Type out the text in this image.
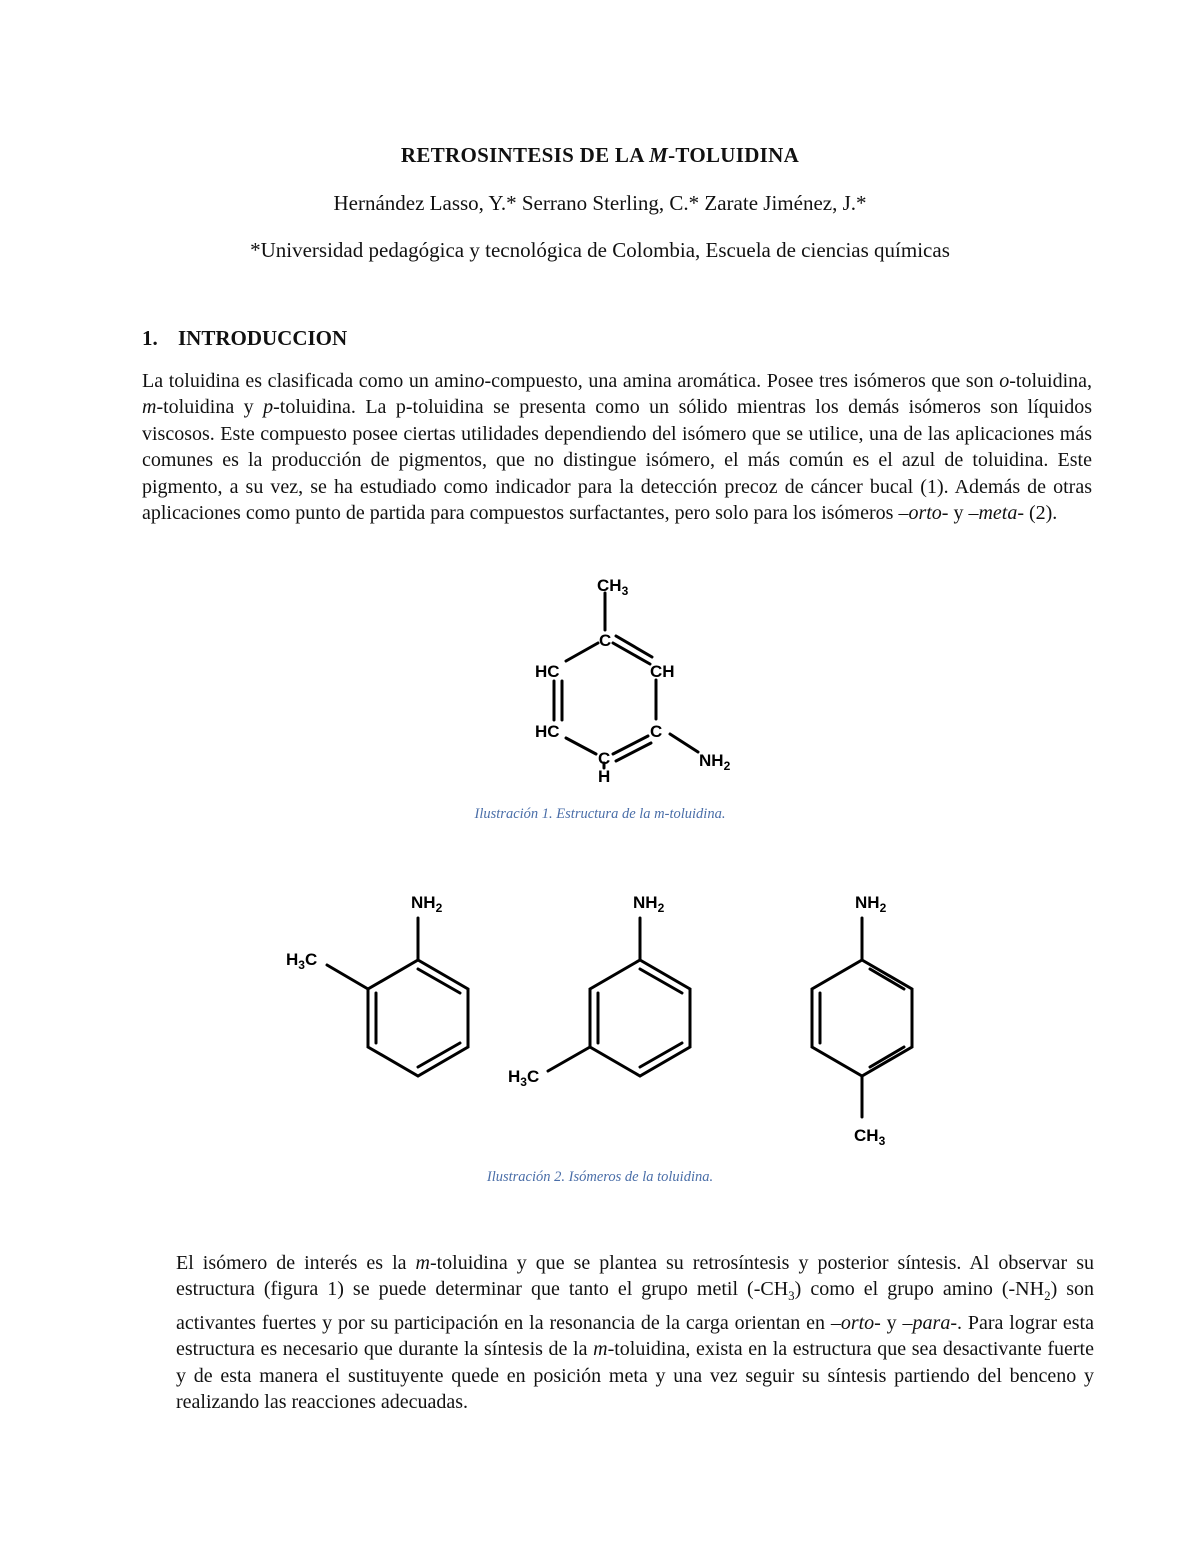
RETROSINTESIS DE LA M-TOLUIDINA
Hernández Lasso, Y.* Serrano Sterling, C.* Zarate Jiménez, J.*
*Universidad pedagógica y tecnológica de Colombia, Escuela de ciencias químicas
1. INTRODUCCION

La toluidina es clasificada como un amino-compuesto, una amina aromática. Posee tres isómeros que son o-toluidina, m-toluidina y p-toluidina. La p-toluidina se presenta como un sólido mientras los demás isómeros son líquidos viscosos. Este compuesto posee ciertas utilidades dependiendo del isómero que se utilice, una de las aplicaciones más comunes es la producción de pigmentos, que no distingue isómero, el más común es el azul de toluidina. Este pigmento, a su vez, se ha estudiado como indicador para la detección precoz de cáncer bucal (1). Además de otras aplicaciones como punto de partida para compuestos surfactantes, pero solo para los isómeros –orto- y –meta- (2).

$CH_3$
C
HC	CH
HC	C
C
H
$NH_2$
Ilustración 1. Estructura de la m-toluidina.
$NH_2$
$H_3C$
$NH_2$
$H_3C$
$NH_2$
$CH_3$
Ilustración 2. Isómeros de la toluidina.

El isómero de interés es la m-toluidina y que se plantea su retrosíntesis y posterior síntesis. Al observar su estructura (figura 1) se puede determinar que tanto el grupo metil $(-CH_3)$ como el grupo amino $(-NH_2)$ son activantes fuertes y por su participación en la resonancia de la carga orientan en –orto- y –para-. Para lograr esta estructura es necesario que durante la síntesis de la m-toluidina, exista en la estructura que sea desactivante fuerte y de esta manera el sustituyente quede en posición meta y una vez seguir su síntesis partiendo del benceno y realizando las reacciones adecuadas.
